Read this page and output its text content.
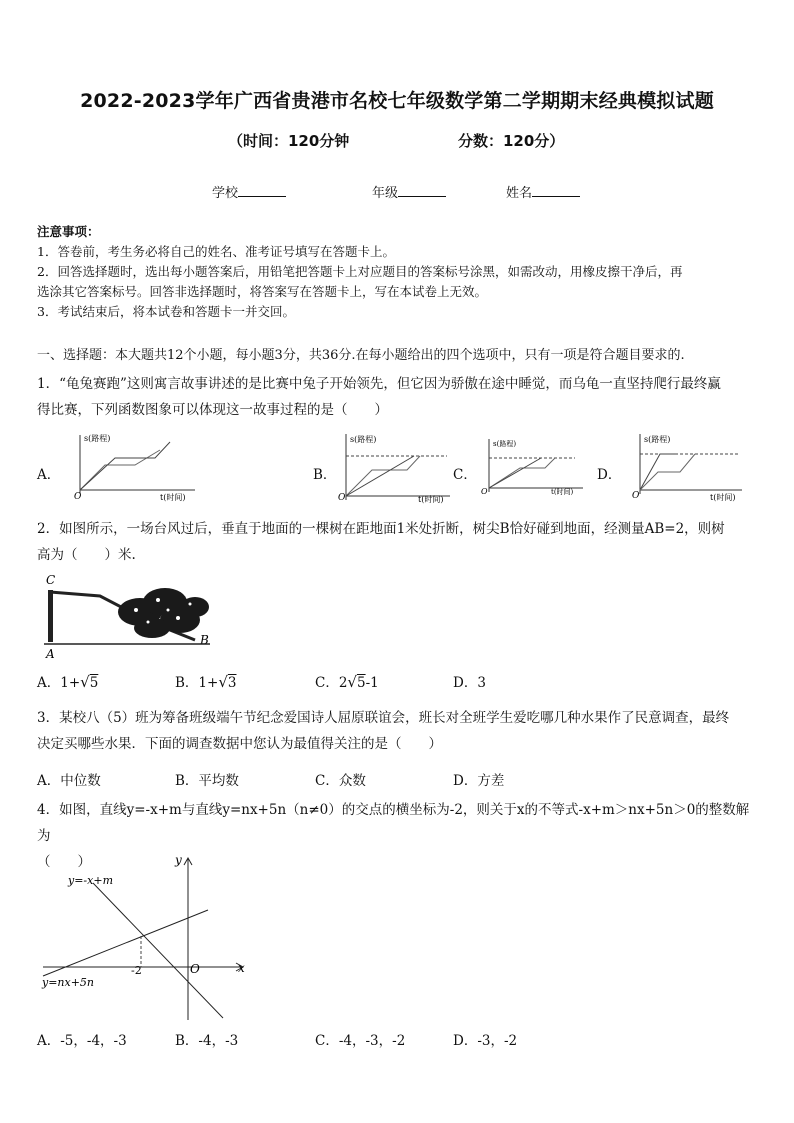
2022-2023学年广西省贵港市名校七年级数学第二学期期末经典模拟试题
（时间：120分钟	分数：120分）
学校	年级	姓名
注意事项：
1．答卷前，考生务必将自己的姓名、准考证号填写在答题卡上。
2．回答选择题时，选出每小题答案后，用铅笔把答题卡上对应题目的答案标号涂黑，如需改动，用橡皮擦干净后，再
选涂其它答案标号。回答非选择题时，将答案写在答题卡上，写在本试卷上无效。
3．考试结束后，将本试卷和答题卡一并交回。
一、选择题：本大题共12个小题，每小题3分，共36分.在每小题给出的四个选项中，只有一项是符合题目要求的.
1．“龟兔赛跑”这则寓言故事讲述的是比赛中兔子开始领先，但它因为骄傲在途中睡觉，而乌龟一直坚持爬行最终赢
得比赛，下列函数图象可以体现这一故事过程的是（　　）
A．
s(路程)
t(时间)
O
B．
s(路程)
t(时间)
O
C．
s(路程)
t(时间)
O
D．
s(路程)
t(时间)
O
2．如图所示，一场台风过后，垂直于地面的一棵树在距地面1米处折断，树尖B恰好碰到地面，经测量AB=2，则树
高为（　　）米.
C
A
B
A．1+√5	B．1+√3	C．2√5-1	D．3
3．某校八（5）班为筹备班级端午节纪念爱国诗人屈原联谊会，班长对全班学生爱吃哪几种水果作了民意调查，最终
决定买哪些水果．下面的调查数据中您认为最值得关注的是（　　）
A．中位数	B．平均数	C．众数	D．方差
4．如图，直线y=-x+m与直线y=nx+5n（n≠0）的交点的横坐标为-2，则关于x的不等式-x+m＞nx+5n＞0的整数解为
（　　）
x
y
O
-2
y=-x+m
y=nx+5n
A．-5，-4，-3	B．-4，-3	C．-4，-3，-2	D．-3，-2
